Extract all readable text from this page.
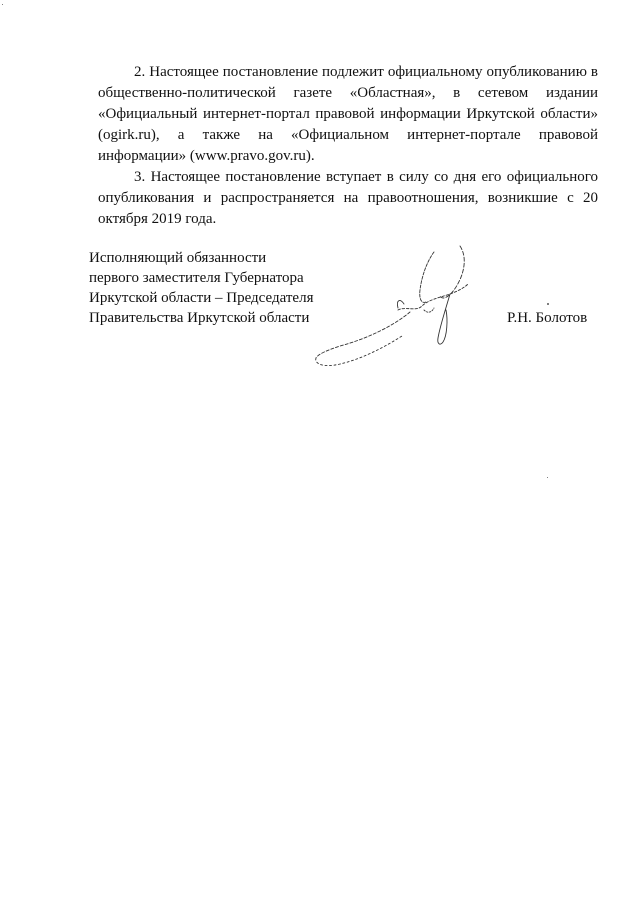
2. Настоящее постановление подлежит официальному опубликованию в общественно-политической газете «Областная», в сетевом издании «Официальный интернет-портал правовой информации Иркутской области» (ogirk.ru), а также на «Официальном интернет-портале правовой информации» (www.pravo.gov.ru).

3. Настоящее постановление вступает в силу со дня его официального опубликования и распространяется на правоотношения, возникшие с 20 октября 2019 года.

Исполняющий обязанности
первого заместителя Губернатора
Иркутской области – Председателя
Правительства Иркутской области	Р.Н. Болотов
